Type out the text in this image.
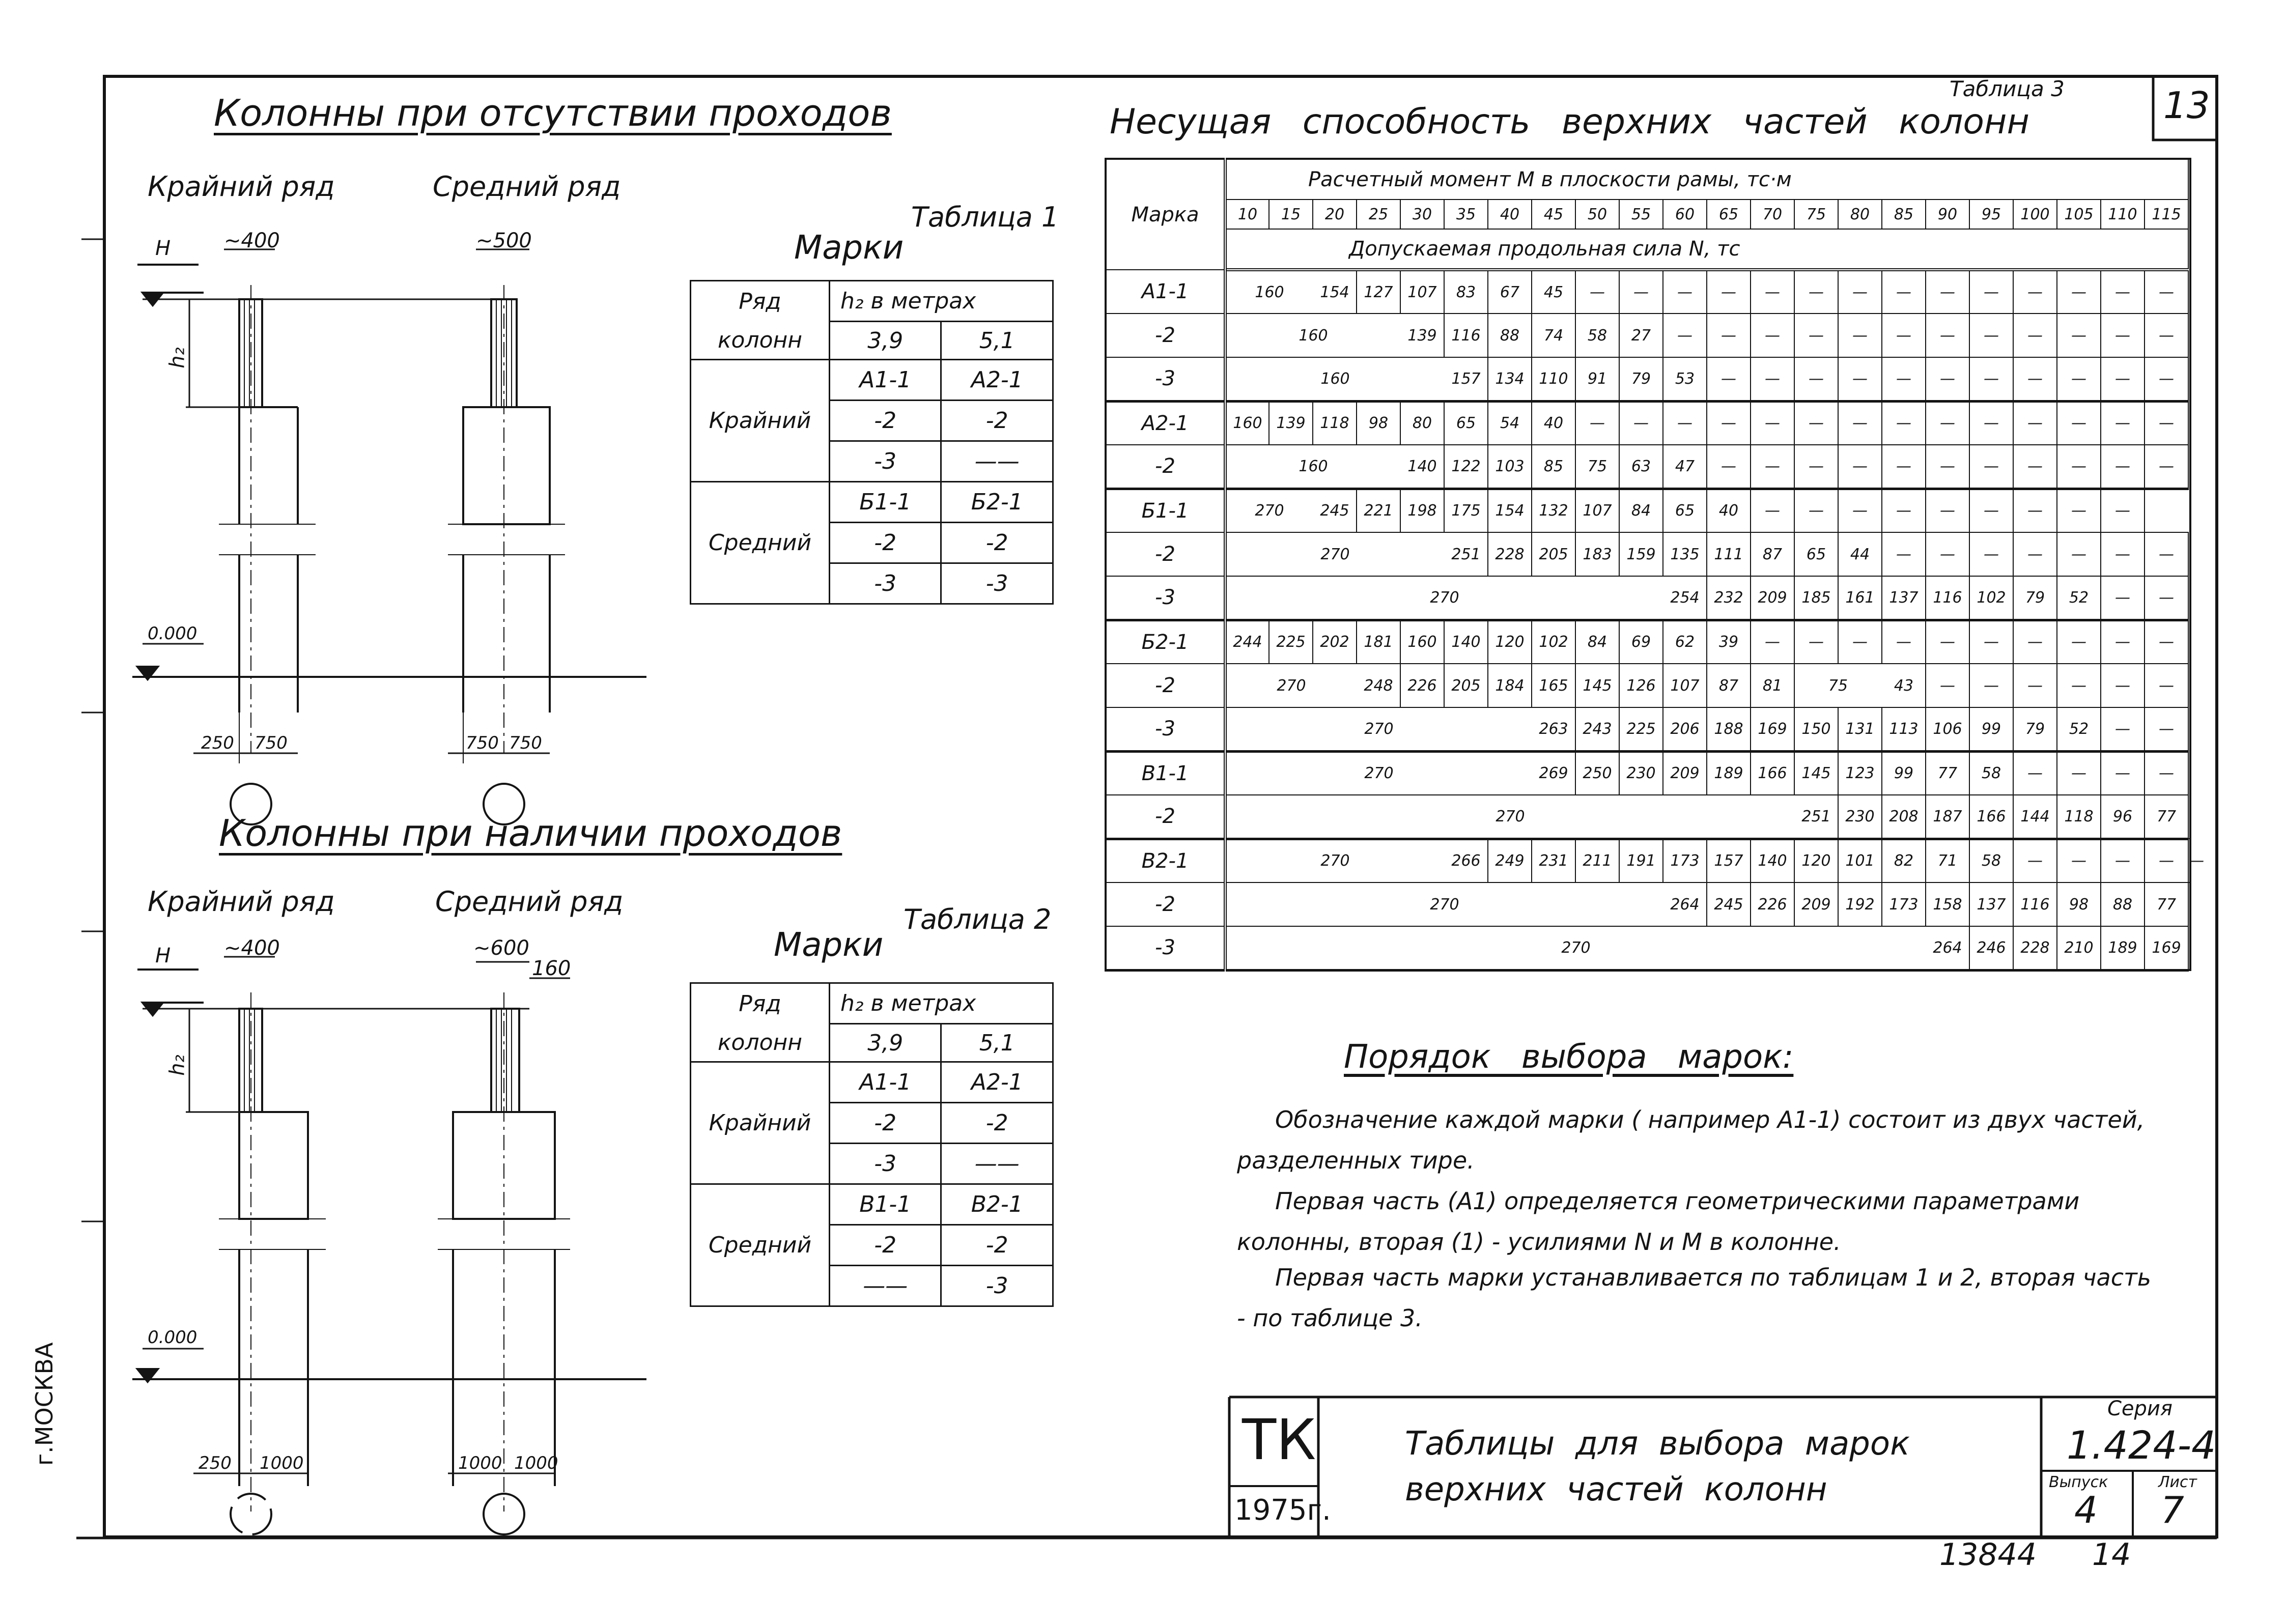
13
Таблица 3
г.МОСКВА
Колонны при отсутствии проходов
Крайний ряд	Средний ряд
~400	~500
H
h₂
0.000
250 750	750 750
Колонны при наличии проходов
Крайний ряд	Средний ряд
~400	~600
160
H
h₂
0.000
250 1000	1000 1000
Таблица 1
Марки
Ряд	h₂ в метрах	
колонн	3,9	5,1
Крайний	А1-1	А2-1
	-2	-2
	-3	——
Средний	Б1-1	Б2-1
	-2	-2
	-3	-3
Таблица 2
Марки
Ряд	h₂ в метрах	
колонн	3,9	5,1
Крайний	А1-1	А2-1
	-2	-2
	-3	——
Средний	В1-1	В2-1
	-2	-2
	——	-3
Несущая способность верхних частей колонн
Марка	Расчетный момент M в плоскости рамы, тс·м																						
	10	15	20	25	30	35	40	45	50	55	60	65	70	75	80	85	90	95	100	105	110	115	
	Допускаемая продольная сила N, тс																						
А1-1	160		154	127	107	83	67	45	—	—	—	—	—	—	—	—	—	—	—	—	—	—	
-2	160				139	116	88	74	58	27	—	—	—	—	—	—	—	—	—	—	—	—	
-3	160					157	134	110	91	79	53	—	—	—	—	—	—	—	—	—	—	—	
А2-1	160	139	118	98	80	65	54	40	—	—	—	—	—	—	—	—	—	—	—	—	—	—	
-2	160				140	122	103	85	75	63	47	—	—	—	—	—	—	—	—	—	—	—	
Б1-1	270		245	221	198	175	154	132	107	84	65	40	—	—	—	—	—	—	—	—	—		
-2	270					251	228	205	183	159	135	111	87	65	44	—	—	—	—	—	—	—	
-3	270										254	232	209	185	161	137	116	102	79	52	—	—	
Б2-1	244	225	202	181	160	140	120	102	84	69	62	39	—	—	—	—	—	—	—	—	—	—	
-2	270			248	226	205	184	165	145	126	107	87	81	75		43	—	—	—	—	—	—	
-3	270							263	243	225	206	188	169	150	131	113	106	99	79	52	—	—	
В1-1	270							269	250	230	209	189	166	145	123	99	77	58	—	—	—	—	
-2	270													251	230	208	187	166	144	118	96	77	
В2-1	270					266	249	231	211	191	173	157	140	120	101	82	71	58	—	—	—	—	—
-2	270										264	245	226	209	192	173	158	137	116	98	88	77	
-3	270																264	246	228	210	189	169	
Порядок выбора марок:
Обозначение каждой марки ( например А1-1) состоит из двух частей, разделенных тире.
Первая часть (А1) определяется геометрическими параметрами колонны, вторая (1) - усилиями N и M в колонне.
Первая часть марки устанавливается по таблицам 1 и 2, вторая часть - по таблице 3.
ТК
1975г.
Таблицы для выбора марок
верхних частей колонн
Серия
1.424-4
Выпуск
4
Лист
7
13844 14
